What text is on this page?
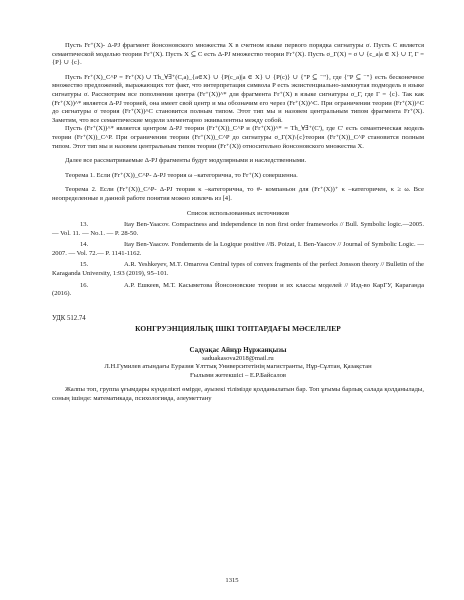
Пусть Fr⁺(X)- Δ-PJ фрагмент йонсоновского множества X в счетном языке первого порядка сигнатуры σ. Пусть C является семантической моделью теории Fr⁺(X). Пусть X ⊆ C есть Δ-PJ множество теории Fr⁺(X). Пусть σ_Γ(X) = σ ∪ {c_a|a ∈ X} ∪ Γ, Γ = {P} ∪ {c}.

Пусть Fr⁺(X)_C^P = Fr⁺(X) ∪ Th_∀∃⁺(C,a)_{a∈X} ∪ {P(c_a)|a ∈ X} ∪ {P(c)} ∪ {"P ⊆ ⁻"}, где {"P ⊆ ⁻"} есть бесконечное множество предложений, выражающих тот факт, что интерпретация символа P есть экзистенциально-замкнутая подмодель в языке сигнатуры σ. Рассмотрим все пополнения центра (Fr⁺(X))^* для фрагмента Fr⁺(X) в языке сигнатуры σ_Γ, где Γ = {c}. Так как (Fr⁺(X))^* является Δ-PJ теорией, она имеет свой центр и мы обозначим его через (Fr⁺(X))^C. При ограничении теории (Fr⁺(X))^C до сигнатуры σ теория (Fr⁺(X))^C становится полным типом. Этот тип мы и назовем центральным типом фрагмента Fr⁺(X). Заметим, что все семантические модели элементарно эквивалентны между собой.

Пусть (Fr⁺(X))^* является центром Δ-PJ теории (Fr⁺(X))_C^P и (Fr⁺(X))^* = Th_∀∃⁺(C'), где C' есть семантическая модель теории (Fr⁺(X))_C^P. При ограничении теории (Fr⁺(X))_C^P до сигнатуры σ_Γ(X)\{c}теория (Fr⁺(X))_C^P становится полным типом. Этот тип мы и назовем центральным типом теории (Fr⁺(X)) относительно йонсоновского множества X.

Далее все рассматриваемые Δ-PJ фрагменты будут модулярными и наследственными.

Теорема 1. Если (Fr⁺(X))_C^P- Δ-PJ теория ω –категорична, то Fr⁺(X) совершенна.

Теорема 2. Если (Fr⁺(X))_C^P- Δ-PJ теория κ –категорична, то #- компаньон для (Fr⁺(X))⁺ κ –категоричен, κ ≥ ω. Все неопределенные в данной работе понятия можно извлечь из [4].

Список использованных источников

13.	Itay Ben-Yaacov. Compactness and independence in non first order frameworks // Bull. Symbolic logic.—2005. — Vol. 11. — No.1. — P. 28-50.

14.	Itay Ben-Yaacov. Fondements de la Logique positive //B. Poizat, I. Ben-Yaacov // Journal of Symbolic Logic. —2007. — Vol. 72.— P. 1141-1162.

15.	A.R. Yeshkeyev, M.T. Omarova Central types of convex fragments of the perfect Jonsson theory // Bulletin of the Karaganda University, 1:93 (2019), 95–101.

16.	А.Р. Ешкеев, М.Т. Касыметова Йонсоновские теории и их классы моделей // Изд-во КарГУ, Караганда (2016).

УДК 512.74

КОНГРУЭНЦИЯЛЫҚ ІШКІ ТОПТАРДАҒЫ МӘСЕЛЕЛЕР

Садуақас Айнұр Нұржанқызы

saduakasova2018@mail.ru

Л.Н.Гумилев атындағы Еуразия Ұлттық Университетінің магистранты, Нұр-Сұлтан, Қазақстан

Ғылыми жетекшісі – Е.Р.Байсалов

Жалпы топ, группа ұғымдары күнделікті өмірде, ауызекі тілімізде қолданылатын бар. Топ ұғымы барлық салада қолданылады, соның ішінде: математикада, психологияда, әлеуметтану

1315
